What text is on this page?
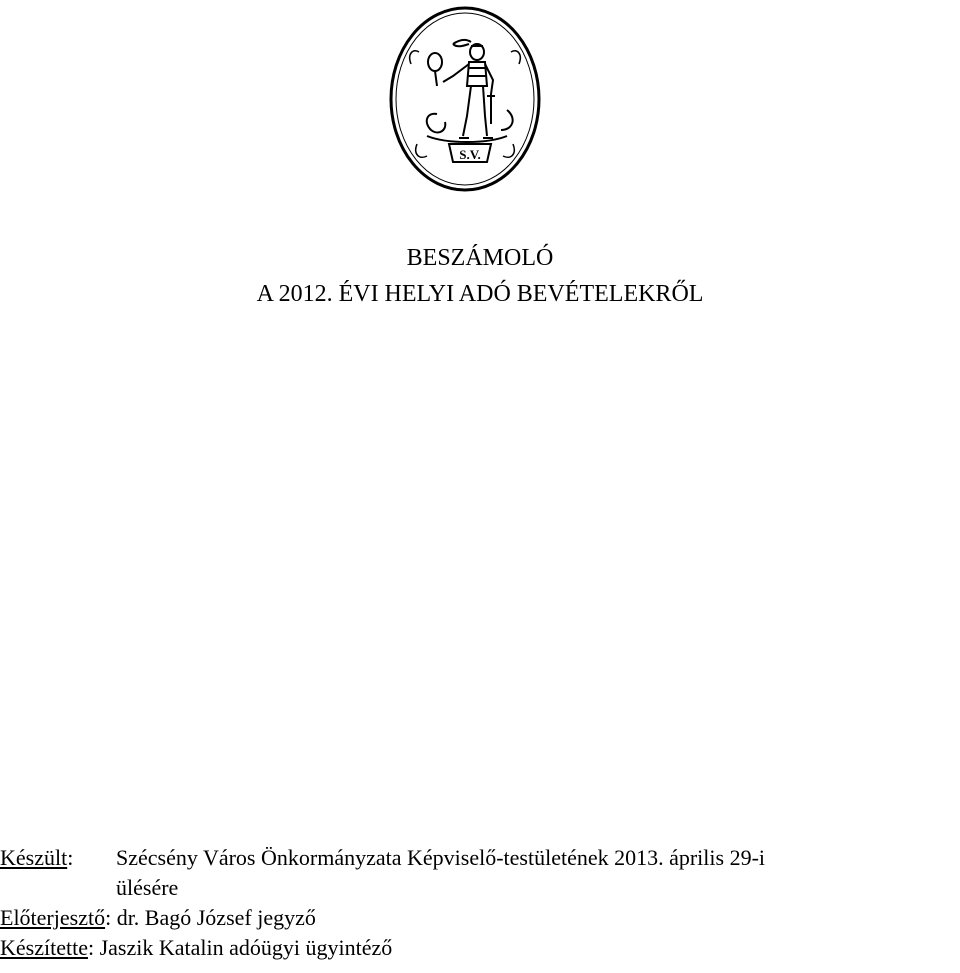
S.V.
BESZÁMOLÓ
A 2012. ÉVI HELYI ADÓ BEVÉTELEKRŐL
Készült: Szécsény Város Önkormányzata Képviselő-testületének 2013. április 29-i
ülésére
Előterjesztő: dr. Bagó József jegyző
Készítette: Jaszik Katalin adóügyi ügyintéző
